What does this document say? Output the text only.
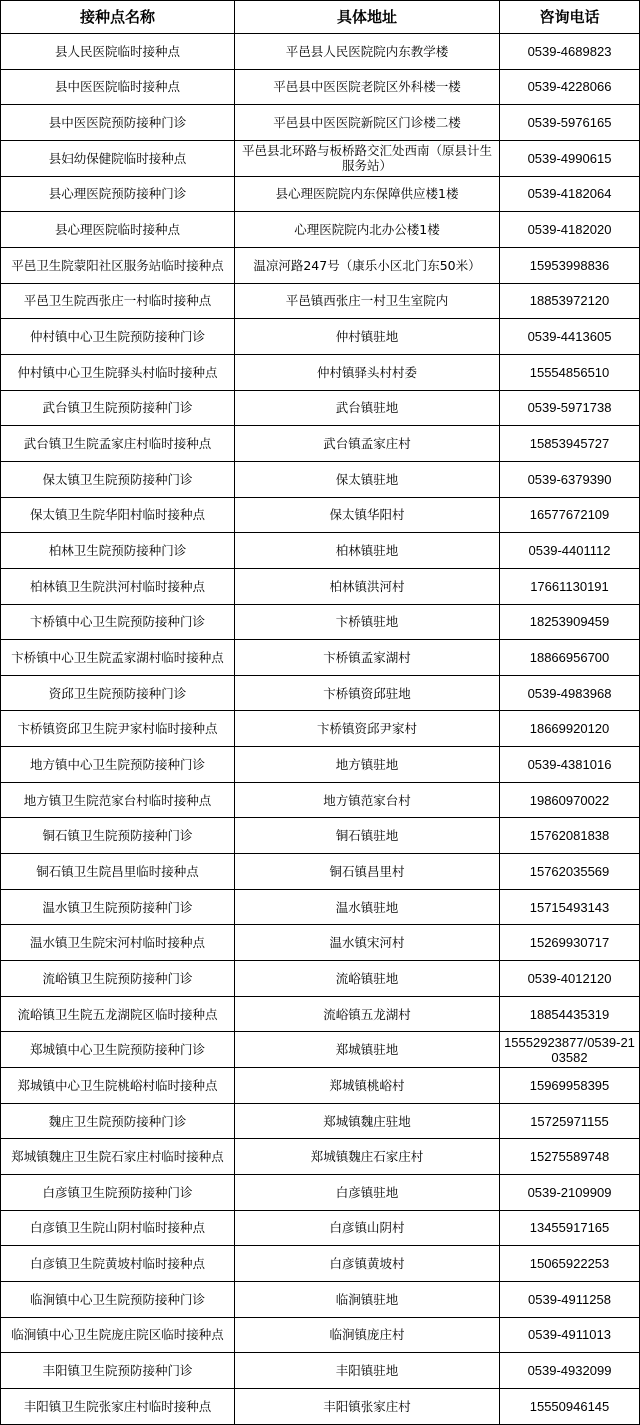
接种点名称	具体地址	咨询电话
县人民医院临时接种点	平邑县人民医院院内东教学楼	0539-4689823
县中医医院临时接种点	平邑县中医医院老院区外科楼一楼	0539-4228066
县中医医院预防接种门诊	平邑县中医医院新院区门诊楼二楼	0539-5976165
县妇幼保健院临时接种点	平邑县北环路与板桥路交汇处西南（原县计生服务站）	0539-4990615
县心理医院预防接种门诊	县心理医院院内东保障供应楼1楼	0539-4182064
县心理医院临时接种点	心理医院院内北办公楼1楼	0539-4182020
平邑卫生院蒙阳社区服务站临时接种点	温凉河路247号（康乐小区北门东50米）	15953998836
平邑卫生院西张庄一村临时接种点	平邑镇西张庄一村卫生室院内	18853972120
仲村镇中心卫生院预防接种门诊	仲村镇驻地	0539-4413605
仲村镇中心卫生院驿头村临时接种点	仲村镇驿头村村委	15554856510
武台镇卫生院预防接种门诊	武台镇驻地	0539-5971738
武台镇卫生院孟家庄村临时接种点	武台镇孟家庄村	15853945727
保太镇卫生院预防接种门诊	保太镇驻地	0539-6379390
保太镇卫生院华阳村临时接种点	保太镇华阳村	16577672109
柏林卫生院预防接种门诊	柏林镇驻地	0539-4401112
柏林镇卫生院洪河村临时接种点	柏林镇洪河村	17661130191
卞桥镇中心卫生院预防接种门诊	卞桥镇驻地	18253909459
卞桥镇中心卫生院孟家湖村临时接种点	卞桥镇孟家湖村	18866956700
资邱卫生院预防接种门诊	卞桥镇资邱驻地	0539-4983968
卞桥镇资邱卫生院尹家村临时接种点	卞桥镇资邱尹家村	18669920120
地方镇中心卫生院预防接种门诊	地方镇驻地	0539-4381016
地方镇卫生院范家台村临时接种点	地方镇范家台村	19860970022
铜石镇卫生院预防接种门诊	铜石镇驻地	15762081838
铜石镇卫生院昌里临时接种点	铜石镇昌里村	15762035569
温水镇卫生院预防接种门诊	温水镇驻地	15715493143
温水镇卫生院宋河村临时接种点	温水镇宋河村	15269930717
流峪镇卫生院预防接种门诊	流峪镇驻地	0539-4012120
流峪镇卫生院五龙湖院区临时接种点	流峪镇五龙湖村	18854435319
郑城镇中心卫生院预防接种门诊	郑城镇驻地	15552923877/0539-2103582
郑城镇中心卫生院桃峪村临时接种点	郑城镇桃峪村	15969958395
魏庄卫生院预防接种门诊	郑城镇魏庄驻地	15725971155
郑城镇魏庄卫生院石家庄村临时接种点	郑城镇魏庄石家庄村	15275589748
白彦镇卫生院预防接种门诊	白彦镇驻地	0539-2109909
白彦镇卫生院山阴村临时接种点	白彦镇山阴村	13455917165
白彦镇卫生院黄坡村临时接种点	白彦镇黄坡村	15065922253
临涧镇中心卫生院预防接种门诊	临涧镇驻地	0539-4911258
临涧镇中心卫生院庞庄院区临时接种点	临涧镇庞庄村	0539-4911013
丰阳镇卫生院预防接种门诊	丰阳镇驻地	0539-4932099
丰阳镇卫生院张家庄村临时接种点	丰阳镇张家庄村	15550946145
